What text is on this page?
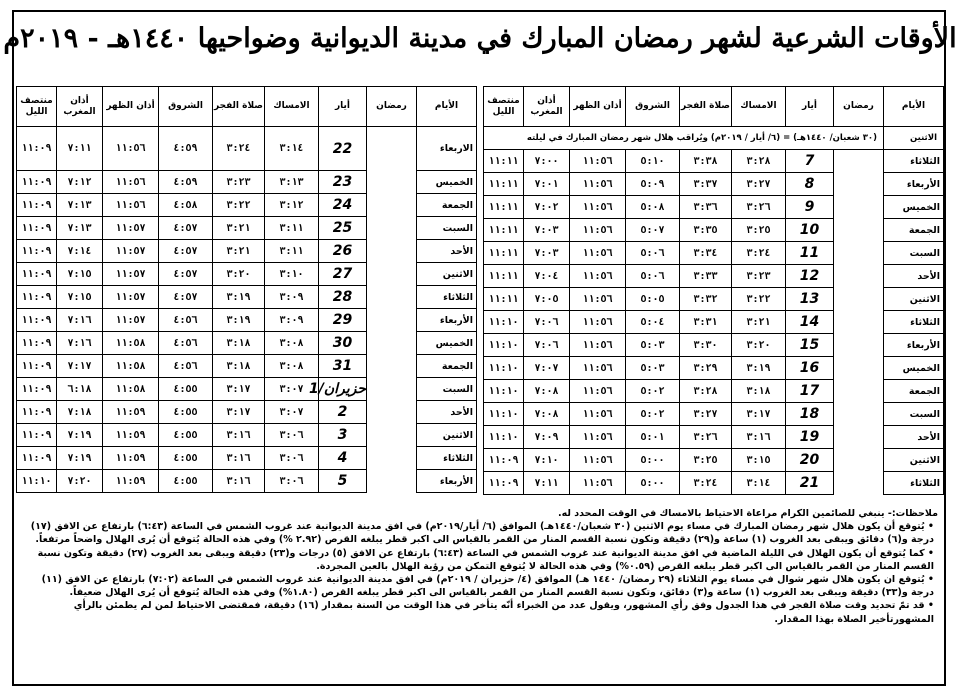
الأوقات الشرعية لشهر رمضان المبارك في مدينة الديوانية وضواحيها ١٤٤٠هـ - ٢٠١٩م
الأيام	رمضان	أيار	الامساك	صلاة الفجر	الشروق	أذان الظهر	أذان المغرب	منتصف الليل
الاثنين	(٣٠ شعبان/ ١٤٤٠هـ) = (٦/ أيار / ٢٠١٩م) ويُراقب هلال شهر رمضان المبارك في ليلته							
الثلاثاء		7	٣:٢٨	٣:٣٨	٥:١٠	١١:٥٦	٧:٠٠	١١:١١
الأربعاء		8	٣:٢٧	٣:٣٧	٥:٠٩	١١:٥٦	٧:٠١	١١:١١
الخميس		9	٣:٢٦	٣:٣٦	٥:٠٨	١١:٥٦	٧:٠٢	١١:١١
الجمعة		10	٣:٢٥	٣:٣٥	٥:٠٧	١١:٥٦	٧:٠٣	١١:١١
السبت		11	٣:٢٤	٣:٣٤	٥:٠٦	١١:٥٦	٧:٠٣	١١:١١
الأحد		12	٣:٢٣	٣:٣٣	٥:٠٦	١١:٥٦	٧:٠٤	١١:١١
الاثنين		13	٣:٢٢	٣:٣٢	٥:٠٥	١١:٥٦	٧:٠٥	١١:١١
الثلاثاء		14	٣:٢١	٣:٣١	٥:٠٤	١١:٥٦	٧:٠٦	١١:١٠
الأربعاء		15	٣:٢٠	٣:٣٠	٥:٠٣	١١:٥٦	٧:٠٦	١١:١٠
الخميس		16	٣:١٩	٣:٢٩	٥:٠٣	١١:٥٦	٧:٠٧	١١:١٠
الجمعة		17	٣:١٨	٣:٢٨	٥:٠٢	١١:٥٦	٧:٠٨	١١:١٠
السبت		18	٣:١٧	٣:٢٧	٥:٠٢	١١:٥٦	٧:٠٨	١١:١٠
الأحد		19	٣:١٦	٣:٢٦	٥:٠١	١١:٥٦	٧:٠٩	١١:١٠
الاثنين		20	٣:١٥	٣:٢٥	٥:٠٠	١١:٥٦	٧:١٠	١١:٠٩
الثلاثاء		21	٣:١٤	٣:٢٤	٥:٠٠	١١:٥٦	٧:١١	١١:٠٩
الأيام	رمضان	أيار	الامساك	صلاة الفجر	الشروق	أذان الظهر	أذان المغرب	منتصف الليل
الاربعاء		22	٣:١٤	٣:٢٤	٤:٥٩	١١:٥٦	٧:١١	١١:٠٩
الخميس		23	٣:١٣	٣:٢٣	٤:٥٩	١١:٥٦	٧:١٢	١١:٠٩
الجمعة		24	٣:١٢	٣:٢٢	٤:٥٨	١١:٥٦	٧:١٣	١١:٠٩
السبت		25	٣:١١	٣:٢١	٤:٥٧	١١:٥٧	٧:١٣	١١:٠٩
الأحد		26	٣:١١	٣:٢١	٤:٥٧	١١:٥٧	٧:١٤	١١:٠٩
الاثنين		27	٣:١٠	٣:٢٠	٤:٥٧	١١:٥٧	٧:١٥	١١:٠٩
الثلاثاء		28	٣:٠٩	٣:١٩	٤:٥٧	١١:٥٧	٧:١٥	١١:٠٩
الأربعاء		29	٣:٠٩	٣:١٩	٤:٥٦	١١:٥٧	٧:١٦	١١:٠٩
الخميس		30	٣:٠٨	٣:١٨	٤:٥٦	١١:٥٨	٧:١٦	١١:٠٩
الجمعة		31	٣:٠٨	٣:١٨	٤:٥٦	١١:٥٨	٧:١٧	١١:٠٩
السبت		حزيران/1	٣:٠٧	٣:١٧	٤:٥٥	١١:٥٨	٦:١٨	١١:٠٩
الأحد		2	٣:٠٧	٣:١٧	٤:٥٥	١١:٥٩	٧:١٨	١١:٠٩
الاثنين		3	٣:٠٦	٣:١٦	٤:٥٥	١١:٥٩	٧:١٩	١١:٠٩
الثلاثاء		4	٣:٠٦	٣:١٦	٤:٥٥	١١:٥٩	٧:١٩	١١:٠٩
الأربعاء		5	٣:٠٦	٣:١٦	٤:٥٥	١١:٥٩	٧:٢٠	١١:١٠

ملاحظات:- ينبغي للصائمين الكرام مراعاة الاحتياط بالامساك في الوقت المحدد له.

• يُتوقع أن يكون هلال شهر رمضان المبارك في مساء يوم الاثنين (٣٠ شعبان/١٤٤٠هـ) الموافق (٦/ أيار/٢٠١٩م) في افق مدينة الديوانية عند غروب الشمس في الساعة (٦:٤٣) بارتفاع عن الافق (١٧) درجة و(٦) دقائق ويبقى بعد الغروب (١) ساعة و(٢٩) دقيقة وتكون نسبة القسم المنار من القمر بالقياس الى اكبر قطر يبلغه القرص (٢.٩٢ %) وفي هذه الحالة يُتوقع أن يُرى الهلال واضحاً مرتفعاً.

• كما يُتوقع أن يكون الهلال في الليلة الماضية في افق مدينة الديوانية عند غروب الشمس في الساعة (٦:٤٣) بارتفاع عن الافق (٥) درجات و(٢٣) دقيقة ويبقى بعد الغروب (٢٧) دقيقة وتكون نسبة القسم المنار من القمر بالقياس الى اكبر قطر يبلغه القرص (٠.٥٩%) وفي هذه الحالة لا يُتوقع التمكن من رؤية الهلال بالعين المجردة.

• يُتوقع ان يكون هلال شهر شوال في مساء يوم الثلاثاء (٢٩ رمضان/ ١٤٤٠ هـ) الموافق (٤/ حزيران / ٢٠١٩م) في افق مدينة الديوانية عند غروب الشمس في الساعة (٧:٠٢) بارتفاع عن الافق (١١) درجة و(٣٣) دقيقة ويبقى بعد الغروب (١) ساعة و(٣) دقائق، وتكون نسبة القسم المنار من القمر بالقياس الى اكبر قطر يبلغه القرص (١.٨٠%) وفي هذه الحالة يُتوقع أن يُرى الهلال ضعيفاً.

• قد تمّ تحديد وقت صلاة الفجر في هذا الجدول وفق رأي المشهور، ويقول عدد من الخبراء أنّه يتأخر في هذا الوقت من السنة بمقدار (١٦) دقيقة، فمقتضى الاحتياط لمن لم يطمئن بالرأي المشهورتأخير الصلاة بهذا المقدار.
